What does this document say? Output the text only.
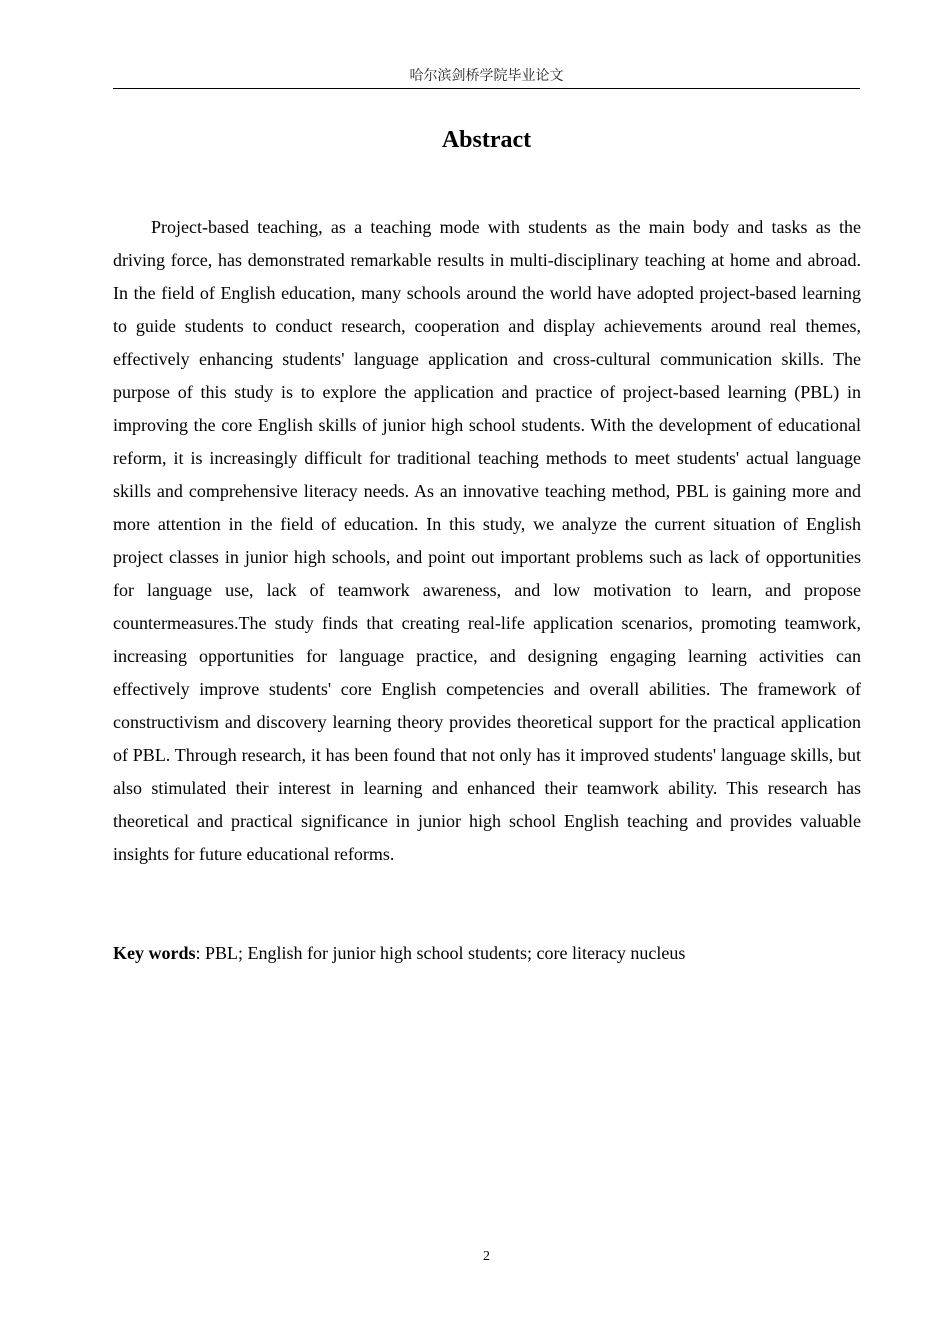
哈尔滨剑桥学院毕业论文
Abstract

Project-based teaching, as a teaching mode with students as the main body and tasks as the driving force, has demonstrated remarkable results in multi-disciplinary teaching at home and abroad. In the field of English education, many schools around the world have adopted project-based learning to guide students to conduct research, cooperation and display achievements around real themes, effectively enhancing students' language application and cross-cultural communication skills. The purpose of this study is to explore the application and practice of project-based learning (PBL) in improving the core English skills of junior high school students. With the development of educational reform, it is increasingly difficult for traditional teaching methods to meet students' actual language skills and comprehensive literacy needs. As an innovative teaching method, PBL is gaining more and more attention in the field of education. In this study, we analyze the current situation of English project classes in junior high schools, and point out important problems such as lack of opportunities for language use, lack of teamwork awareness, and low motivation to learn, and propose countermeasures.The study finds that creating real-life application scenarios, promoting teamwork, increasing opportunities for language practice, and designing engaging learning activities can effectively improve students' core English competencies and overall abilities. The framework of constructivism and discovery learning theory provides theoretical support for the practical application of PBL. Through research, it has been found that not only has it improved students' language skills, but also stimulated their interest in learning and enhanced their teamwork ability. This research has theoretical and practical significance in junior high school English teaching and provides valuable insights for future educational reforms.

Key words: PBL; English for junior high school students; core literacy nucleus

2
